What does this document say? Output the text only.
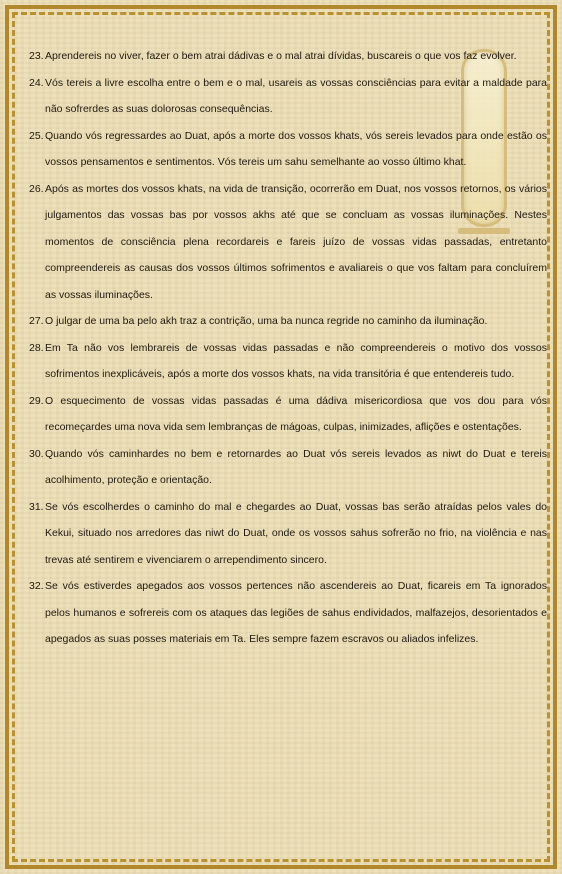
23. Aprendereis no viver, fazer o bem atrai dádivas e o mal atrai dívidas, buscareis o que vos faz evolver.
24. Vós tereis a livre escolha entre o bem e o mal, usareis as vossas consciências para evitar a maldade para não sofrerdes as suas dolorosas consequências.
25. Quando vós regressardes ao Duat, após a morte dos vossos khats, vós sereis levados para onde estão os vossos pensamentos e sentimentos. Vós tereis um sahu semelhante ao vosso último khat.
26. Após as mortes dos vossos khats, na vida de transição, ocorrerão em Duat, nos vossos retornos, os vários julgamentos das vossas bas por vossos akhs até que se concluam as vossas iluminações. Nestes momentos de consciência plena recordareis e fareis juízo de vossas vidas passadas, entretanto compreendereis as causas dos vossos últimos sofrimentos e avaliareis o que vos faltam para concluírem as vossas iluminações.
27. O julgar de uma ba pelo akh traz a contrição, uma ba nunca regride no caminho da iluminação.
28. Em Ta não vos lembrareis de vossas vidas passadas e não compreendereis o motivo dos vossos sofrimentos inexplicáveis, após a morte dos vossos khats, na vida transitória é que entendereis tudo.
29. O esquecimento de vossas vidas passadas é uma dádiva misericordiosa que vos dou para vós recomeçardes uma nova vida sem lembranças de mágoas, culpas, inimizades, aflições e ostentações.
30. Quando vós caminhardes no bem e retornardes ao Duat vós sereis levados as niwt do Duat e tereis acolhimento, proteção e orientação.
31. Se vós escolherdes o caminho do mal e chegardes ao Duat, vossas bas serão atraídas pelos vales do Kekui, situado nos arredores das niwt do Duat, onde os vossos sahus sofrerão no frio, na violência e nas trevas até sentirem e vivenciarem o arrependimento sincero.
32. Se vós estiverdes apegados aos vossos pertences não ascendereis ao Duat, ficareis em Ta ignorados pelos humanos e sofrereis com os ataques das legiões de sahus endividados, malfazejos, desorientados e apegados as suas posses materiais em Ta. Eles sempre fazem escravos ou aliados infelizes.
